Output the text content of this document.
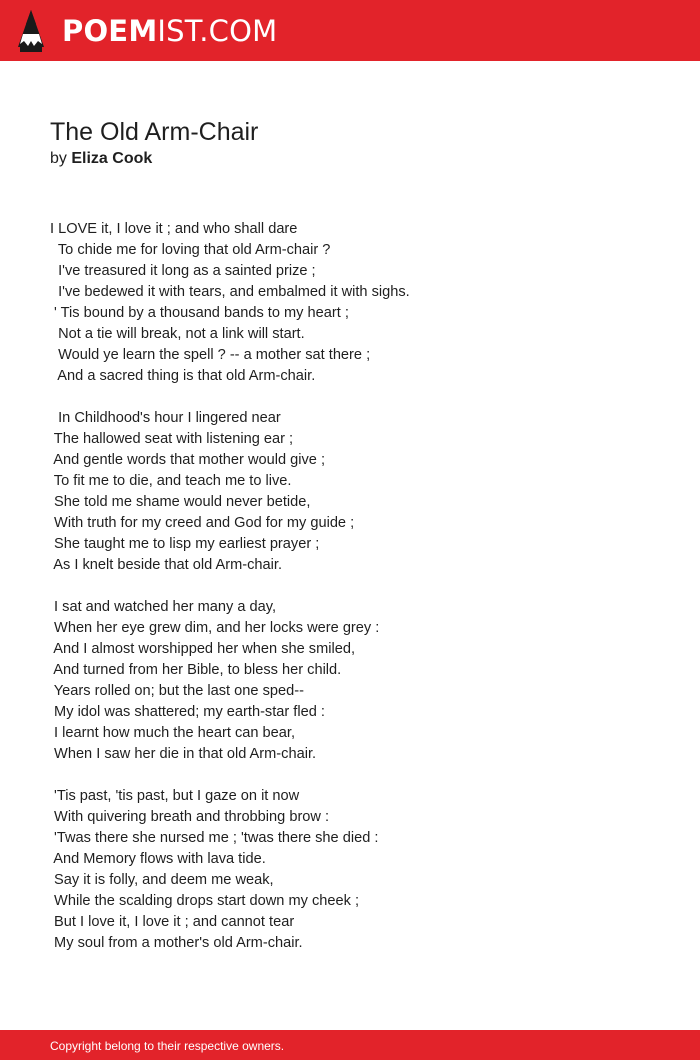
POEMIST.COM
The Old Arm-Chair
by Eliza Cook
I LOVE it, I love it ; and who shall dare
To chide me for loving that old Arm-chair ?
I've treasured it long as a sainted prize ;
I've bedewed it with tears, and embalmed it with sighs.
' Tis bound by a thousand bands to my heart ;
Not a tie will break, not a link will start.
Would ye learn the spell ? -- a mother sat there ;
And a sacred thing is that old Arm-chair.
In Childhood's hour I lingered near
The hallowed seat with listening ear ;
And gentle words that mother would give ;
To fit me to die, and teach me to live.
She told me shame would never betide,
With truth for my creed and God for my guide ;
She taught me to lisp my earliest prayer ;
As I knelt beside that old Arm-chair.
I sat and watched her many a day,
When her eye grew dim, and her locks were grey :
And I almost worshipped her when she smiled,
And turned from her Bible, to bless her child.
Years rolled on; but the last one sped--
My idol was shattered; my earth-star fled :
I learnt how much the heart can bear,
When I saw her die in that old Arm-chair.
'Tis past, 'tis past, but I gaze on it now
With quivering breath and throbbing brow :
'Twas there she nursed me ; 'twas there she died :
And Memory flows with lava tide.
Say it is folly, and deem me weak,
While the scalding drops start down my cheek ;
But I love it, I love it ; and cannot tear
My soul from a mother's old Arm-chair.
Copyright belong to their respective owners.
